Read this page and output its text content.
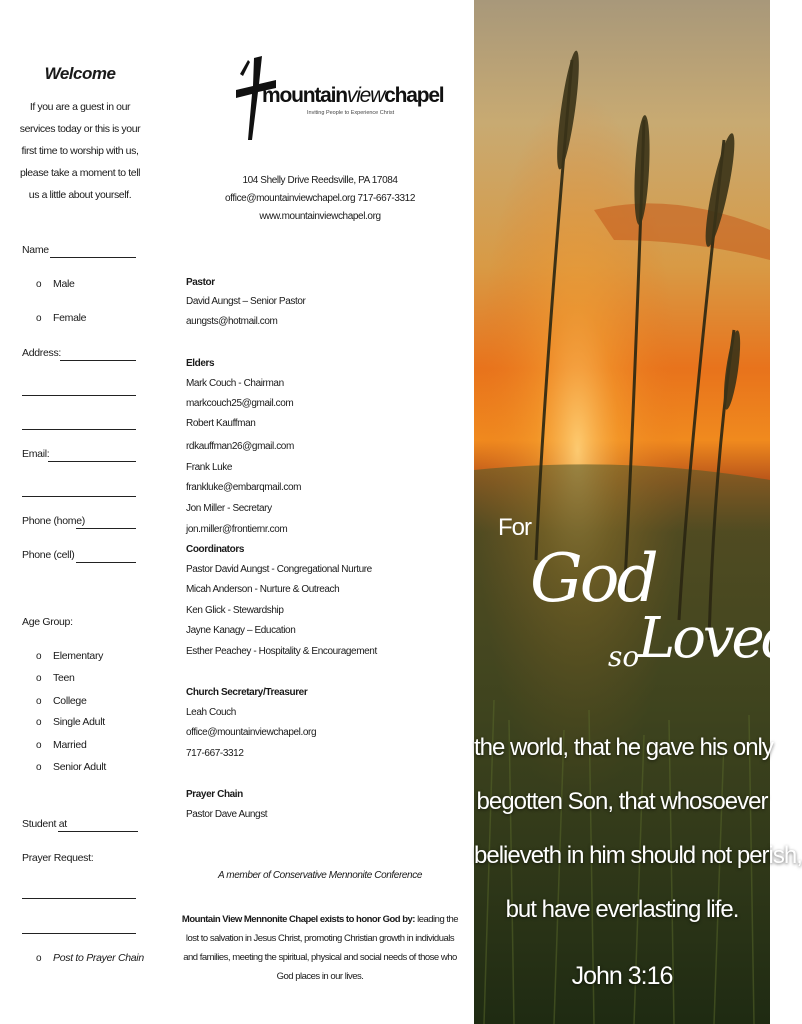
Welcome
If you are a guest in our services today or this is your first time to worship with us, please take a moment to tell us a little about yourself.
Name
o Male
o Female
Address:
Email:
Phone (home)
Phone (cell)
Age Group:
o Elementary
o Teen
o College
o Single Adult
o Married
o Senior Adult
Student at
Prayer Request:
o Post to Prayer Chain
mountainviewchapel
Inviting People to Experience Christ
104 Shelly Drive Reedsville, PA 17084
office@mountainviewchapel.org 717-667-3312
www.mountainviewchapel.org
Pastor
David Aungst – Senior Pastor
aungsts@hotmail.com
Elders
Mark Couch - Chairman
markcouch25@gmail.com
Robert Kauffman
rdkauffman26@gmail.com
Frank Luke
frankluke@embarqmail.com
Jon Miller - Secretary
jon.miller@frontiernr.com
Coordinators
Pastor David Aungst - Congregational Nurture
Micah Anderson - Nurture & Outreach
Ken Glick - Stewardship
Jayne Kanagy – Education
Esther Peachey - Hospitality & Encouragement
Church Secretary/Treasurer
Leah Couch
office@mountainviewchapel.org
717-667-3312
Prayer Chain
Pastor Dave Aungst
A member of Conservative Mennonite Conference
Mountain View Mennonite Chapel exists to honor God by: leading the lost to salvation in Jesus Christ, promoting Christian growth in individuals and families, meeting the spiritual, physical and social needs of those who God places in our lives.
For
God
so
Loved
the world, that he gave his only
begotten Son, that whosoever
believeth in him should not perish,
but have everlasting life.
John 3:16
